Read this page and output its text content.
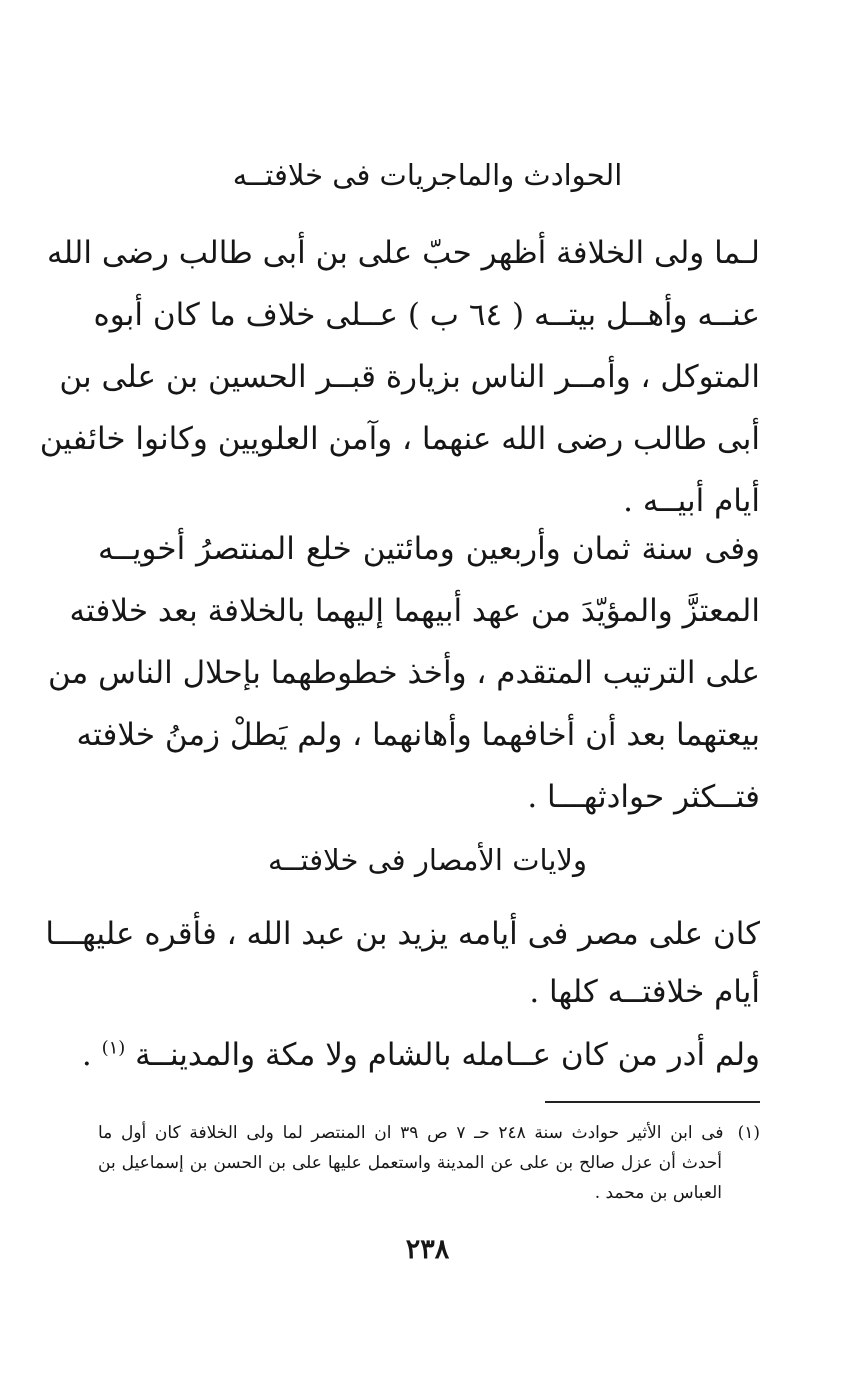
الحوادث والماجريات فى خلافتــه
لـما ولى الخلافة أظهر حبّ على بن أبى طالب رضى الله
عنــه وأهــل بيتــه ( ٦٤ ب ) عــلى خلاف ما كان أبوه
المتوكل ، وأمــر الناس بزيارة قبــر الحسين بن على بن
أبى طالب رضى الله عنهما ، وآمن العلويين وكانوا خائفين
أيام أبيــه .
وفى سنة ثمان وأربعين ومائتين خلع المنتصرُ أخويــه
المعتزَّ والمؤيّدَ من عهد أبيهما إليهما بالخلافة بعد خلافته
على الترتيب المتقدم ، وأخذ خطوطهما بإحلال الناس من
بيعتهما بعد أن أخافهما وأهانهما ، ولم يَطلْ زمنُ خلافته
فتــكثر حوادثهـــا .
ولايات الأمصار فى خلافتــه
كان على مصر فى أيامه يزيد بن عبد الله ، فأقره عليهـــا
أيام خلافتــه كلها .
ولم أدر من كان عــامله بالشام ولا مكة والمدينــة $^{(١)}$ .
(١)فى ابن الأثير حوادث سنة ٢٤٨ حـ ٧ ص ٣٩ ان المنتصر لما ولى الخلافة كان أول ما
أحدث أن عزل صالح بن على عن المدينة واستعمل عليها على بن الحسن بن إسماعيل بن
العباس بن محمد .
٢٣٨
